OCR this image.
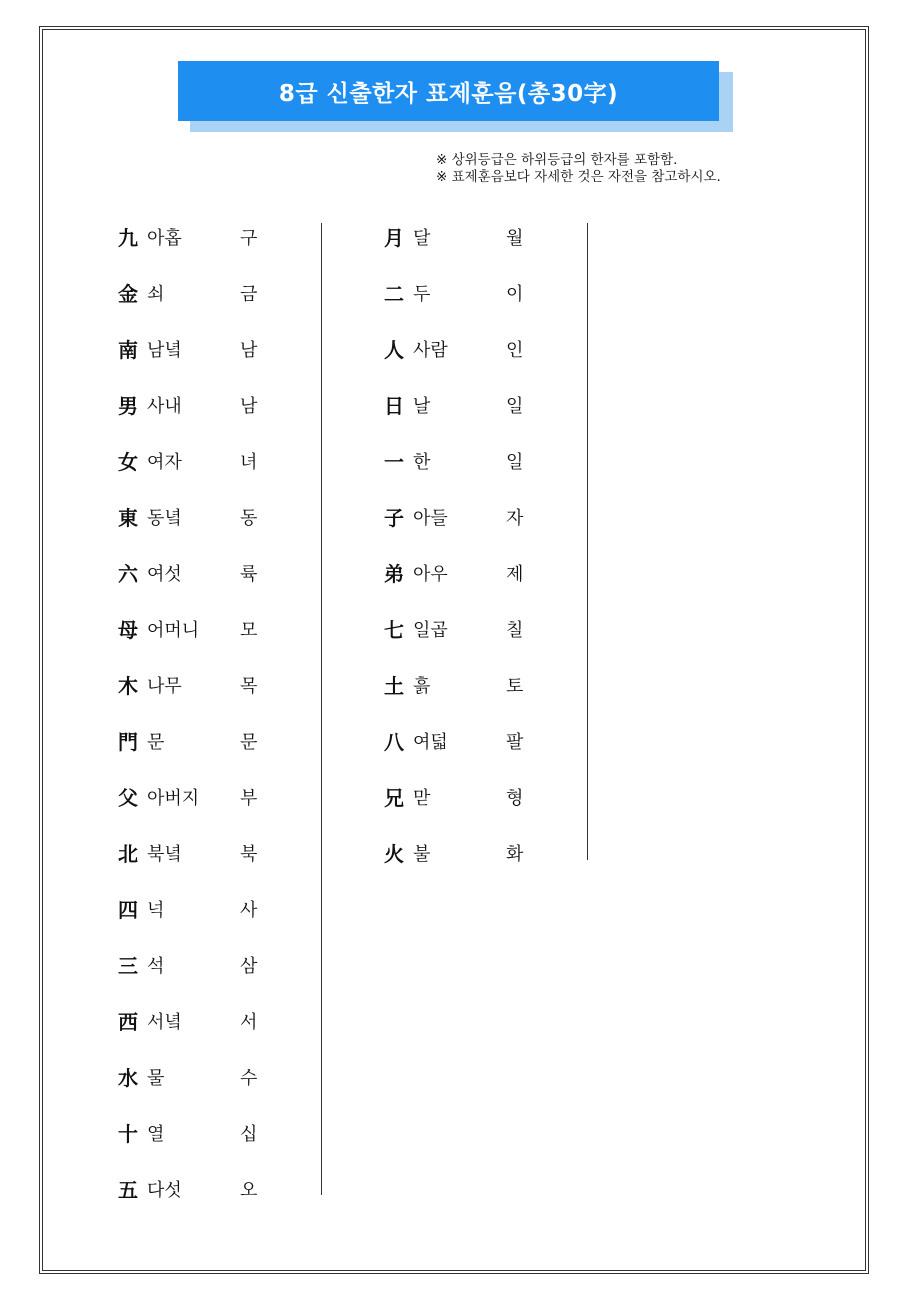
8급 신출한자 표제훈음(총30字)
※ 상위등급은 하위등급의 한자를 포함함.
※ 표제훈음보다 자세한 것은 자전을 참고하시오.
九 아홉	구
金 쇠	금
南 남녘	남
男 사내	남
女 여자	녀
東 동녘	동
六 여섯	륙
母 어머니 모
木 나무	목
門 문	문
父 아버지 부
北 북녘	북
四 넉	사
三 석	삼
西 서녘	서
水 물	수
十 열	십
五 다섯	오
月 달	월
二 두	이
人 사람	인
日 날	일
一 한	일
子 아들	자
弟 아우	제
七 일곱	칠
土 흙	토
八 여덟	팔
兄 맏	형
火 불	화
